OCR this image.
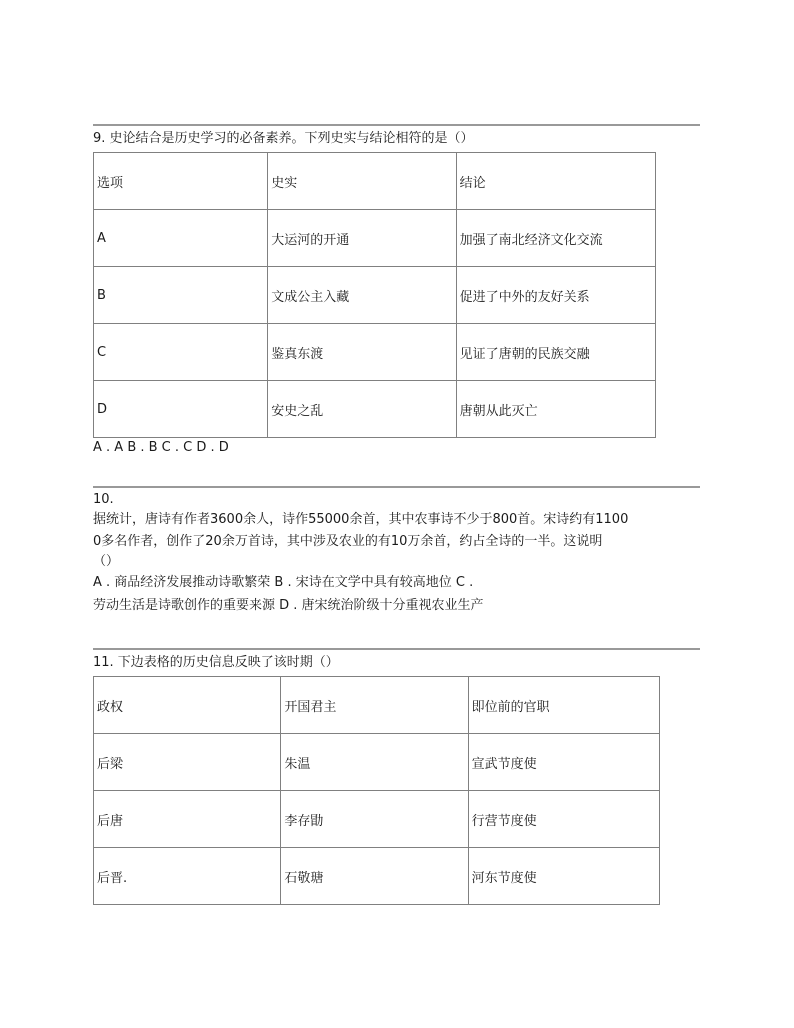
9. 史论结合是历史学习的必备素养。下列史实与结论相符的是（）
选项	史实	结论
A	大运河的开通	加强了南北经济文化交流
B	文成公主入藏	促进了中外的友好关系
C	鉴真东渡	见证了唐朝的民族交融
D	安史之乱	唐朝从此灭亡
A . A B . B C . C D . D
10.
据统计，唐诗有作者3600余人，诗作55000余首，其中农事诗不少于800首。宋诗约有1100
0多名作者，创作了20余万首诗，其中涉及农业的有10万余首，约占全诗的一半。这说明
（）
A . 商品经济发展推动诗歌繁荣 B . 宋诗在文学中具有较高地位 C .
劳动生活是诗歌创作的重要来源 D . 唐宋统治阶级十分重视农业生产
11. 下边表格的历史信息反映了该时期（）
政权	开国君主	即位前的官职
后梁	朱温	宣武节度使
后唐	李存勖	行营节度使
后晋.	石敬瑭	河东节度使
